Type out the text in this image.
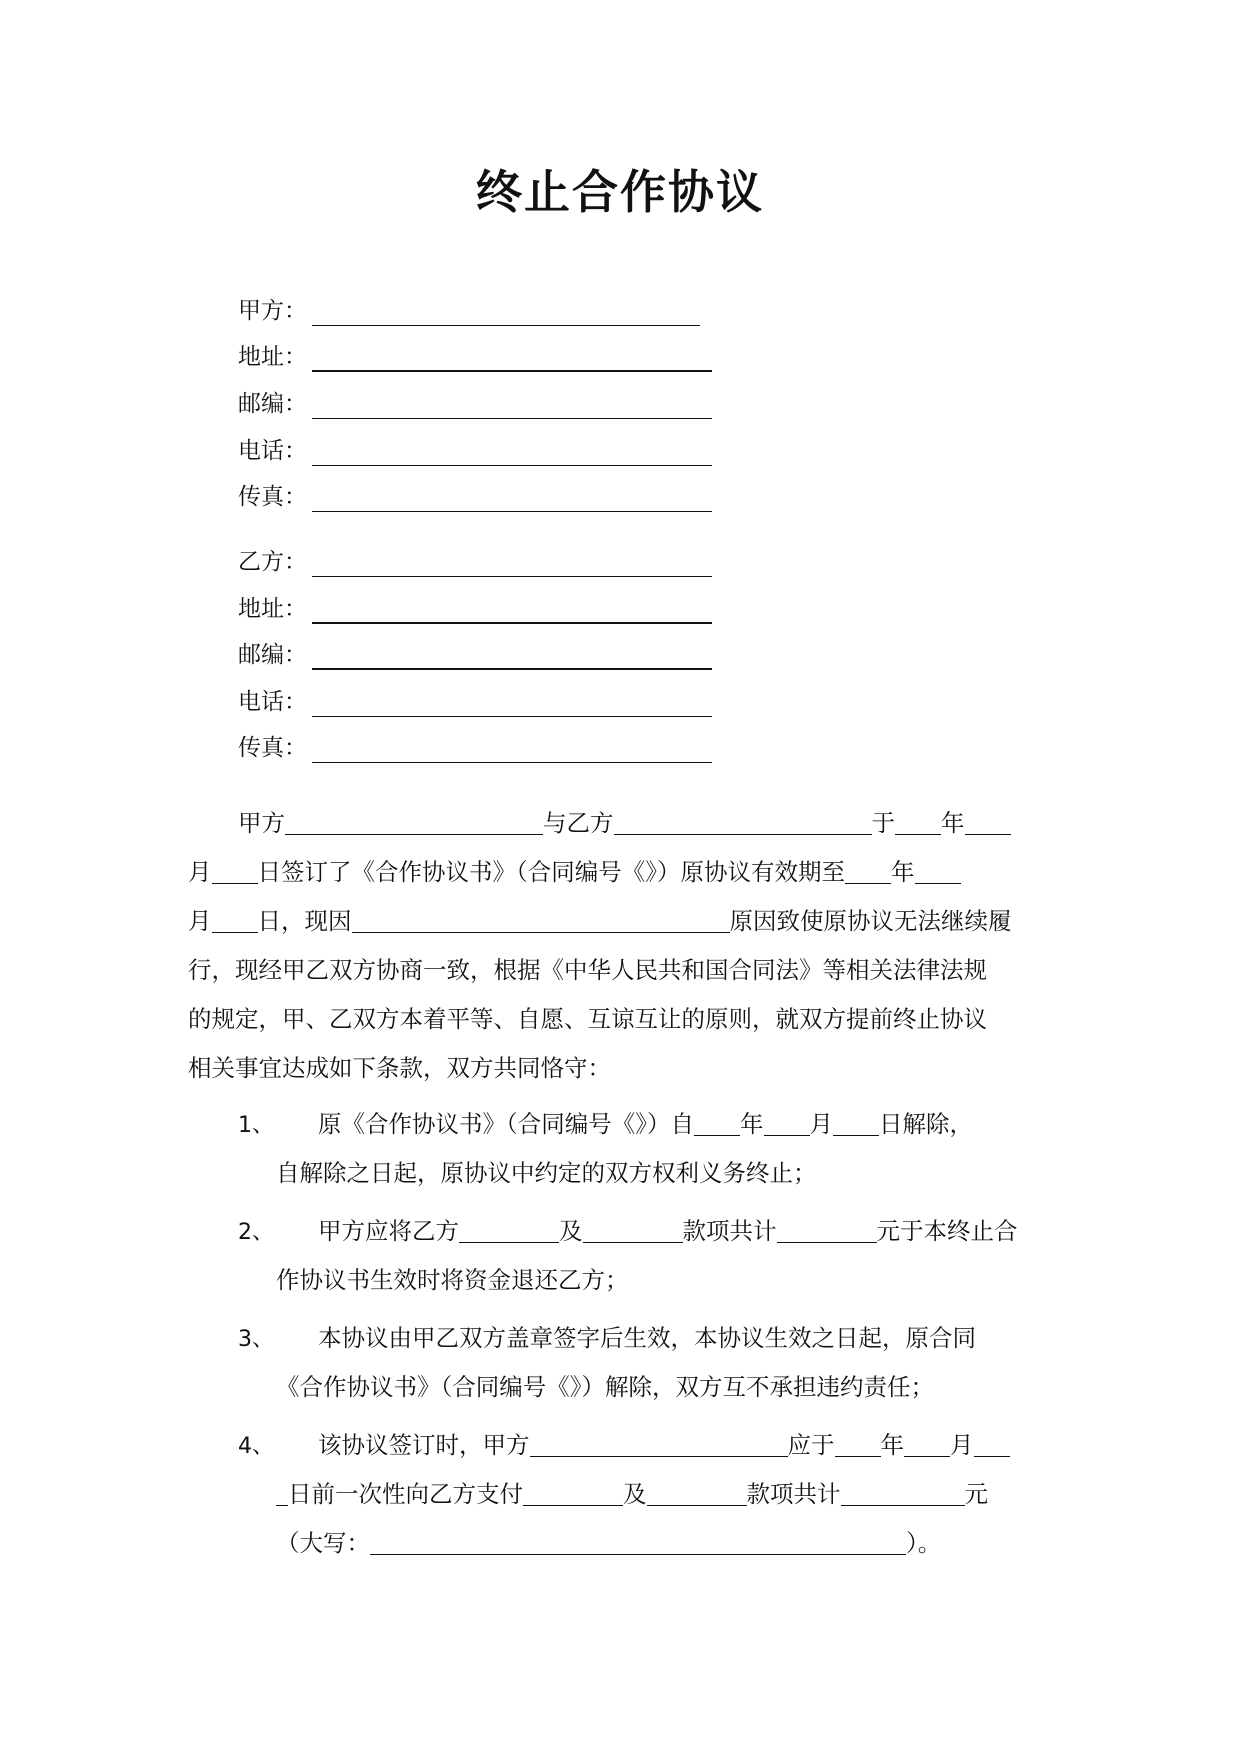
终止合作协议
甲方：
地址：
邮编：
电话：
传真：
乙方：
地址：
邮编：
电话：
传真：
甲方	与乙方	于 年
月 日签订了《合作协议书》（合同编号《》）原协议有效期至 年
月 日，现因	原因致使原协议无法继续履
行，现经甲乙双方协商一致，根据《中华人民共和国合同法》等相关法律法规
的规定，甲、乙双方本着平等、自愿、互谅互让的原则，就双方提前终止协议
相关事宜达成如下条款，双方共同恪守：
1、 原《合作协议书》（合同编号《》）自 年 月 日解除，
自解除之日起，原协议中约定的双方权利义务终止；
2、 甲方应将乙方	及	款项共计	元于本终止合
作协议书生效时将资金退还乙方；
3、 本协议由甲乙双方盖章签字后生效，本协议生效之日起，原合同
《合作协议书》（合同编号《》）解除，双方互不承担违约责任；
4、 该协议签订时，甲方	应于 年 月
日前一次性向乙方支付	及	款项共计	元
（大写：	）。
